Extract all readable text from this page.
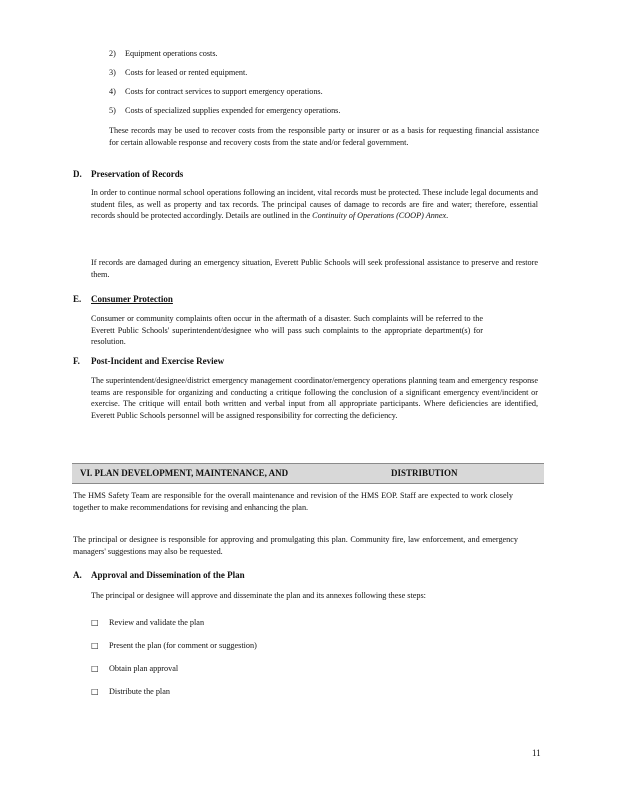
2) Equipment operations costs.
3) Costs for leased or rented equipment.
4) Costs for contract services to support emergency operations.
5) Costs of specialized supplies expended for emergency operations.
These records may be used to recover costs from the responsible party or insurer or as a basis for requesting financial assistance for certain allowable response and recovery costs from the state and/or federal government.
D. Preservation of Records
In order to continue normal school operations following an incident, vital records must be protected. These include legal documents and student files, as well as property and tax records. The principal causes of damage to records are fire and water; therefore, essential records should be protected accordingly. Details are outlined in the Continuity of Operations (COOP) Annex.
If records are damaged during an emergency situation, Everett Public Schools will seek professional assistance to preserve and restore them.
E. Consumer Protection
Consumer or community complaints often occur in the aftermath of a disaster. Such complaints will be referred to the Everett Public Schools' superintendent/designee who will pass such complaints to the appropriate department(s) for resolution.
F. Post-Incident and Exercise Review
The superintendent/designee/district emergency management coordinator/emergency operations planning team and emergency response teams are responsible for organizing and conducting a critique following the conclusion of a significant emergency event/incident or exercise. The critique will entail both written and verbal input from all appropriate participants. Where deficiencies are identified, Everett Public Schools personnel will be assigned responsibility for correcting the deficiency.
VI. PLAN DEVELOPMENT, MAINTENANCE, AND	DISTRIBUTION
The HMS Safety Team are responsible for the overall maintenance and revision of the HMS EOP. Staff are expected to work closely together to make recommendations for revising and enhancing the plan.
The principal or designee is responsible for approving and promulgating this plan. Community fire, law enforcement, and emergency managers' suggestions may also be requested.
A. Approval and Dissemination of the Plan
The principal or designee will approve and disseminate the plan and its annexes following these steps:
□ Review and validate the plan
□ Present the plan (for comment or suggestion)
□ Obtain plan approval
□ Distribute the plan
11
